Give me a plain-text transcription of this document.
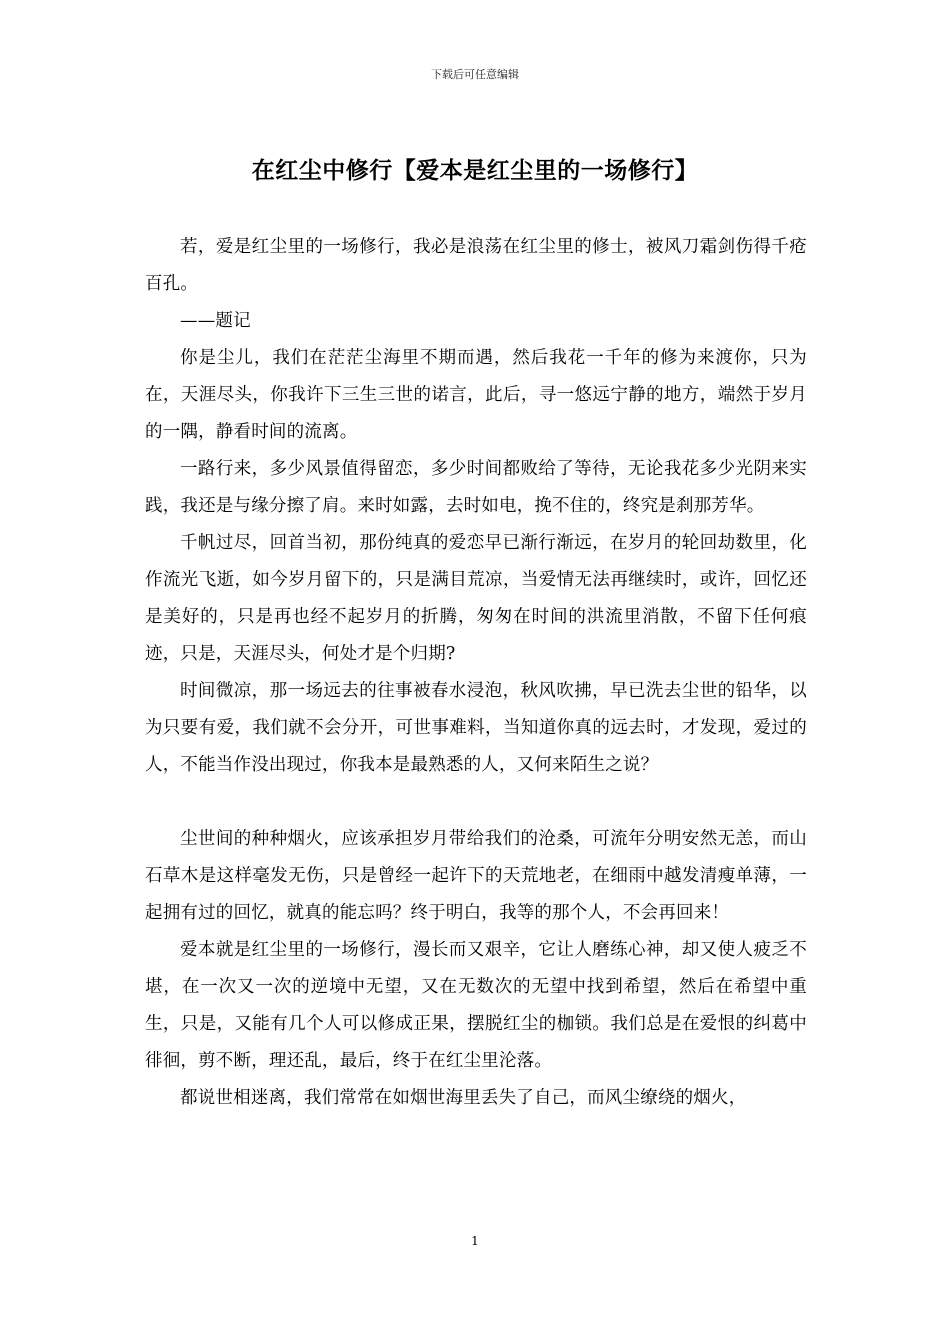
下载后可任意编辑
在红尘中修行【爱本是红尘里的一场修行】

若，爱是红尘里的一场修行，我必是浪荡在红尘里的修士，被风刀霜剑伤得千疮百孔。

——题记

你是尘儿，我们在茫茫尘海里不期而遇，然后我花一千年的修为来渡你，只为在，天涯尽头，你我许下三生三世的诺言，此后，寻一悠远宁静的地方，端然于岁月的一隅，静看时间的流离。

一路行来，多少风景值得留恋，多少时间都败给了等待，无论我花多少光阴来实践，我还是与缘分擦了肩。来时如露，去时如电，挽不住的，终究是刹那芳华。

千帆过尽，回首当初，那份纯真的爱恋早已渐行渐远，在岁月的轮回劫数里，化作流光飞逝，如今岁月留下的，只是满目荒凉，当爱情无法再继续时，或许，回忆还是美好的，只是再也经不起岁月的折腾，匆匆在时间的洪流里消散，不留下任何痕迹，只是，天涯尽头，何处才是个归期?

时间微凉，那一场远去的往事被春水浸泡，秋风吹拂，早已洗去尘世的铅华，以为只要有爱，我们就不会分开，可世事难料，当知道你真的远去时，才发现，爱过的人，不能当作没出现过，你我本是最熟悉的人，又何来陌生之说？

尘世间的种种烟火，应该承担岁月带给我们的沧桑，可流年分明安然无恙，而山石草木是这样毫发无伤，只是曾经一起许下的天荒地老，在细雨中越发清瘦单薄，一起拥有过的回忆，就真的能忘吗？终于明白，我等的那个人，不会再回来！

爱本就是红尘里的一场修行，漫长而又艰辛，它让人磨练心神，却又使人疲乏不堪，在一次又一次的逆境中无望，又在无数次的无望中找到希望，然后在希望中重生，只是，又能有几个人可以修成正果，摆脱红尘的枷锁。我们总是在爱恨的纠葛中徘徊，剪不断，理还乱，最后，终于在红尘里沦落。

都说世相迷离，我们常常在如烟世海里丢失了自己，而风尘缭绕的烟火，

1
